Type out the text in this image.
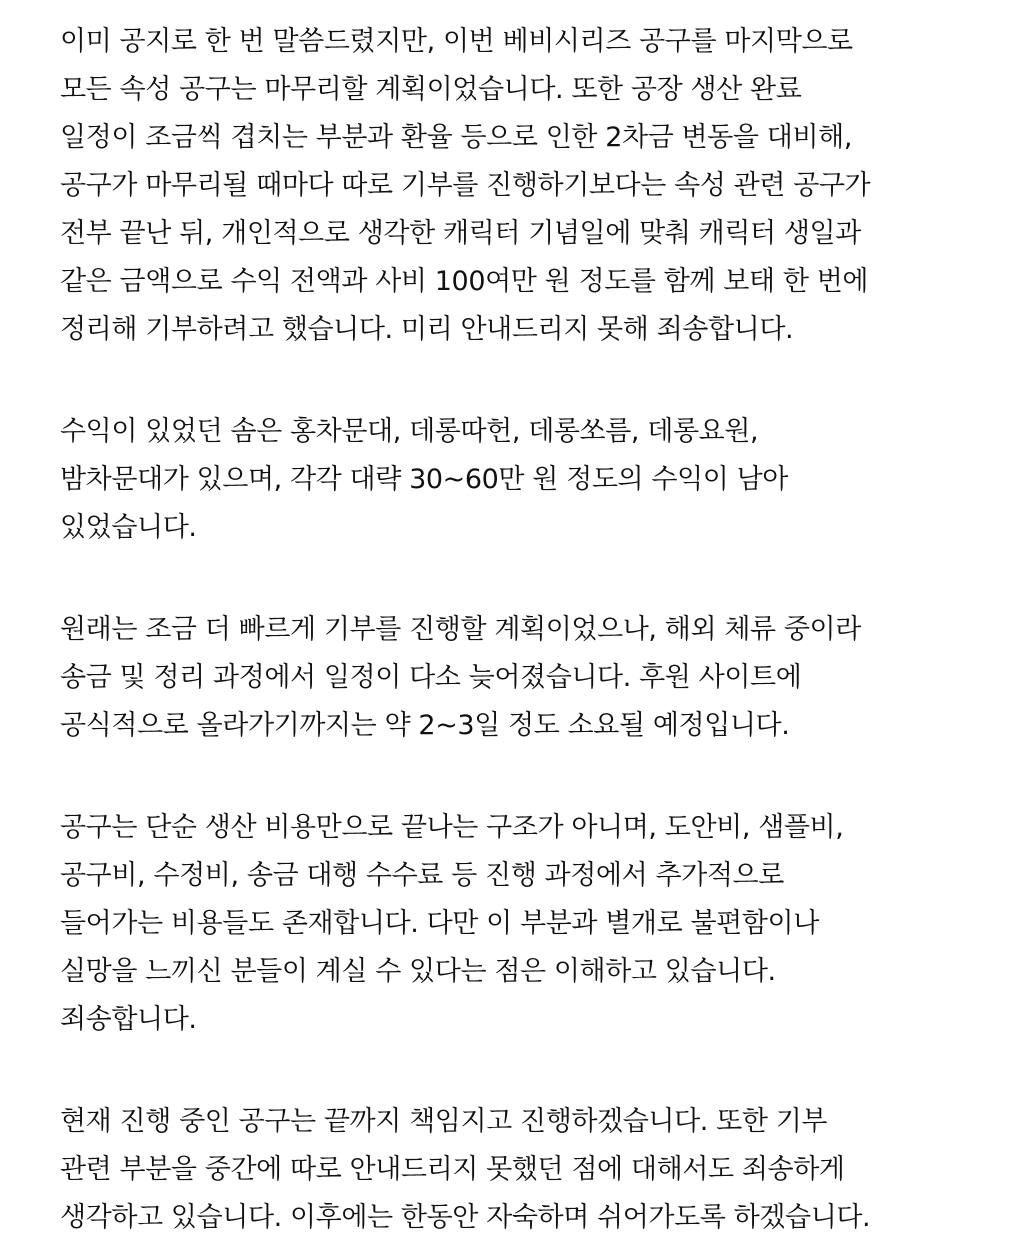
이미 공지로 한 번 말씀드렸지만, 이번 베비시리즈 공구를 마지막으로
모든 속성 공구는 마무리할 계획이었습니다. 또한 공장 생산 완료
일정이 조금씩 겹치는 부분과 환율 등으로 인한 2차금 변동을 대비해,
공구가 마무리될 때마다 따로 기부를 진행하기보다는 속성 관련 공구가
전부 끝난 뒤, 개인적으로 생각한 캐릭터 기념일에 맞춰 캐릭터 생일과
같은 금액으로 수익 전액과 사비 100여만 원 정도를 함께 보태 한 번에
정리해 기부하려고 했습니다. 미리 안내드리지 못해 죄송합니다.
수익이 있었던 솜은 홍차문대, 데롱따헌, 데롱쏘름, 데롱요원,
밤차문대가 있으며, 각각 대략 30~60만 원 정도의 수익이 남아
있었습니다.
원래는 조금 더 빠르게 기부를 진행할 계획이었으나, 해외 체류 중이라
송금 및 정리 과정에서 일정이 다소 늦어졌습니다. 후원 사이트에
공식적으로 올라가기까지는 약 2~3일 정도 소요될 예정입니다.
공구는 단순 생산 비용만으로 끝나는 구조가 아니며, 도안비, 샘플비,
공구비, 수정비, 송금 대행 수수료 등 진행 과정에서 추가적으로
들어가는 비용들도 존재합니다. 다만 이 부분과 별개로 불편함이나
실망을 느끼신 분들이 계실 수 있다는 점은 이해하고 있습니다.
죄송합니다.
현재 진행 중인 공구는 끝까지 책임지고 진행하겠습니다. 또한 기부
관련 부분을 중간에 따로 안내드리지 못했던 점에 대해서도 죄송하게
생각하고 있습니다. 이후에는 한동안 자숙하며 쉬어가도록 하겠습니다.
